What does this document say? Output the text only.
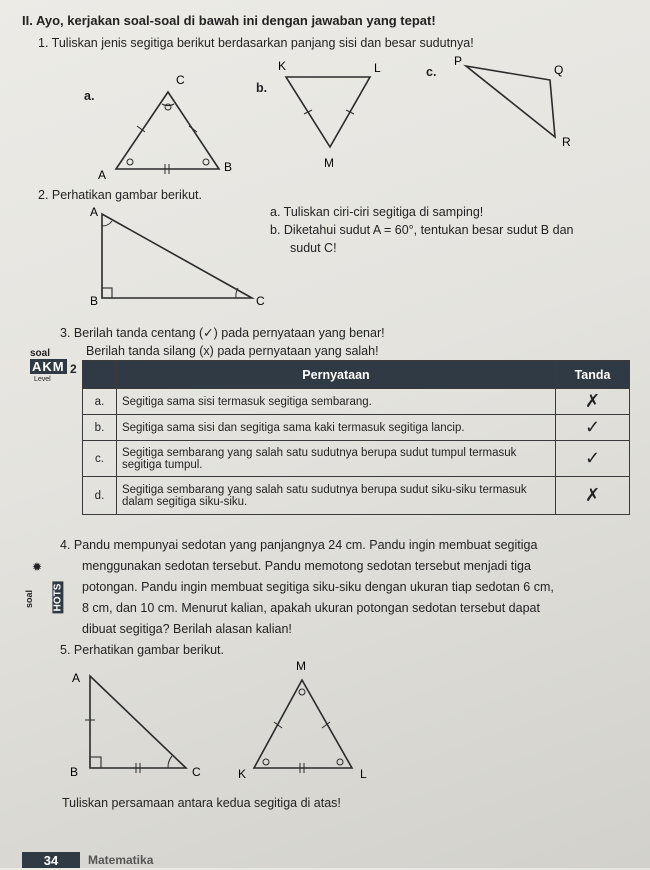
II. Ayo, kerjakan soal-soal di bawah ini dengan jawaban yang tepat!
1. Tuliskan jenis segitiga berikut berdasarkan panjang sisi dan besar sudutnya!
a.
A
B
C
b.
K	L
M
c.
P
Q
R
2. Perhatikan gambar berikut.
A
B	C
a. Tuliskan ciri-ciri segitiga di samping!
b. Diketahui sudut A = 60°, tentukan besar sudut B dan
sudut C!
3. Berilah tanda centang (✓) pada pernyataan yang benar!
Berilah tanda silang (x) pada pernyataan yang salah!
soal
AKM
Level
2
		Pernyataan	Tanda
a.	Segitiga sama sisi termasuk segitiga sembarang.	✗
b.	Segitiga sama sisi dan segitiga sama kaki termasuk segitiga lancip.	✓
c.	Segitiga sembarang yang salah satu sudutnya berupa sudut tumpul termasuk segitiga tumpul.	✓
d.	Segitiga sembarang yang salah satu sudutnya berupa sudut siku-siku termasuk dalam segitiga siku-siku.	✗
✹
soal HOTS
4. Pandu mempunyai sedotan yang panjangnya 24 cm. Pandu ingin membuat segitiga
menggunakan sedotan tersebut. Pandu memotong sedotan tersebut menjadi tiga
potongan. Pandu ingin membuat segitiga siku-siku dengan ukuran tiap sedotan 6 cm,
8 cm, dan 10 cm. Menurut kalian, apakah ukuran potongan sedotan tersebut dapat
dibuat segitiga? Berilah alasan kalian!
5. Perhatikan gambar berikut.
A
B	C
M
K	L
Tuliskan persamaan antara kedua segitiga di atas!
34	Matematika
